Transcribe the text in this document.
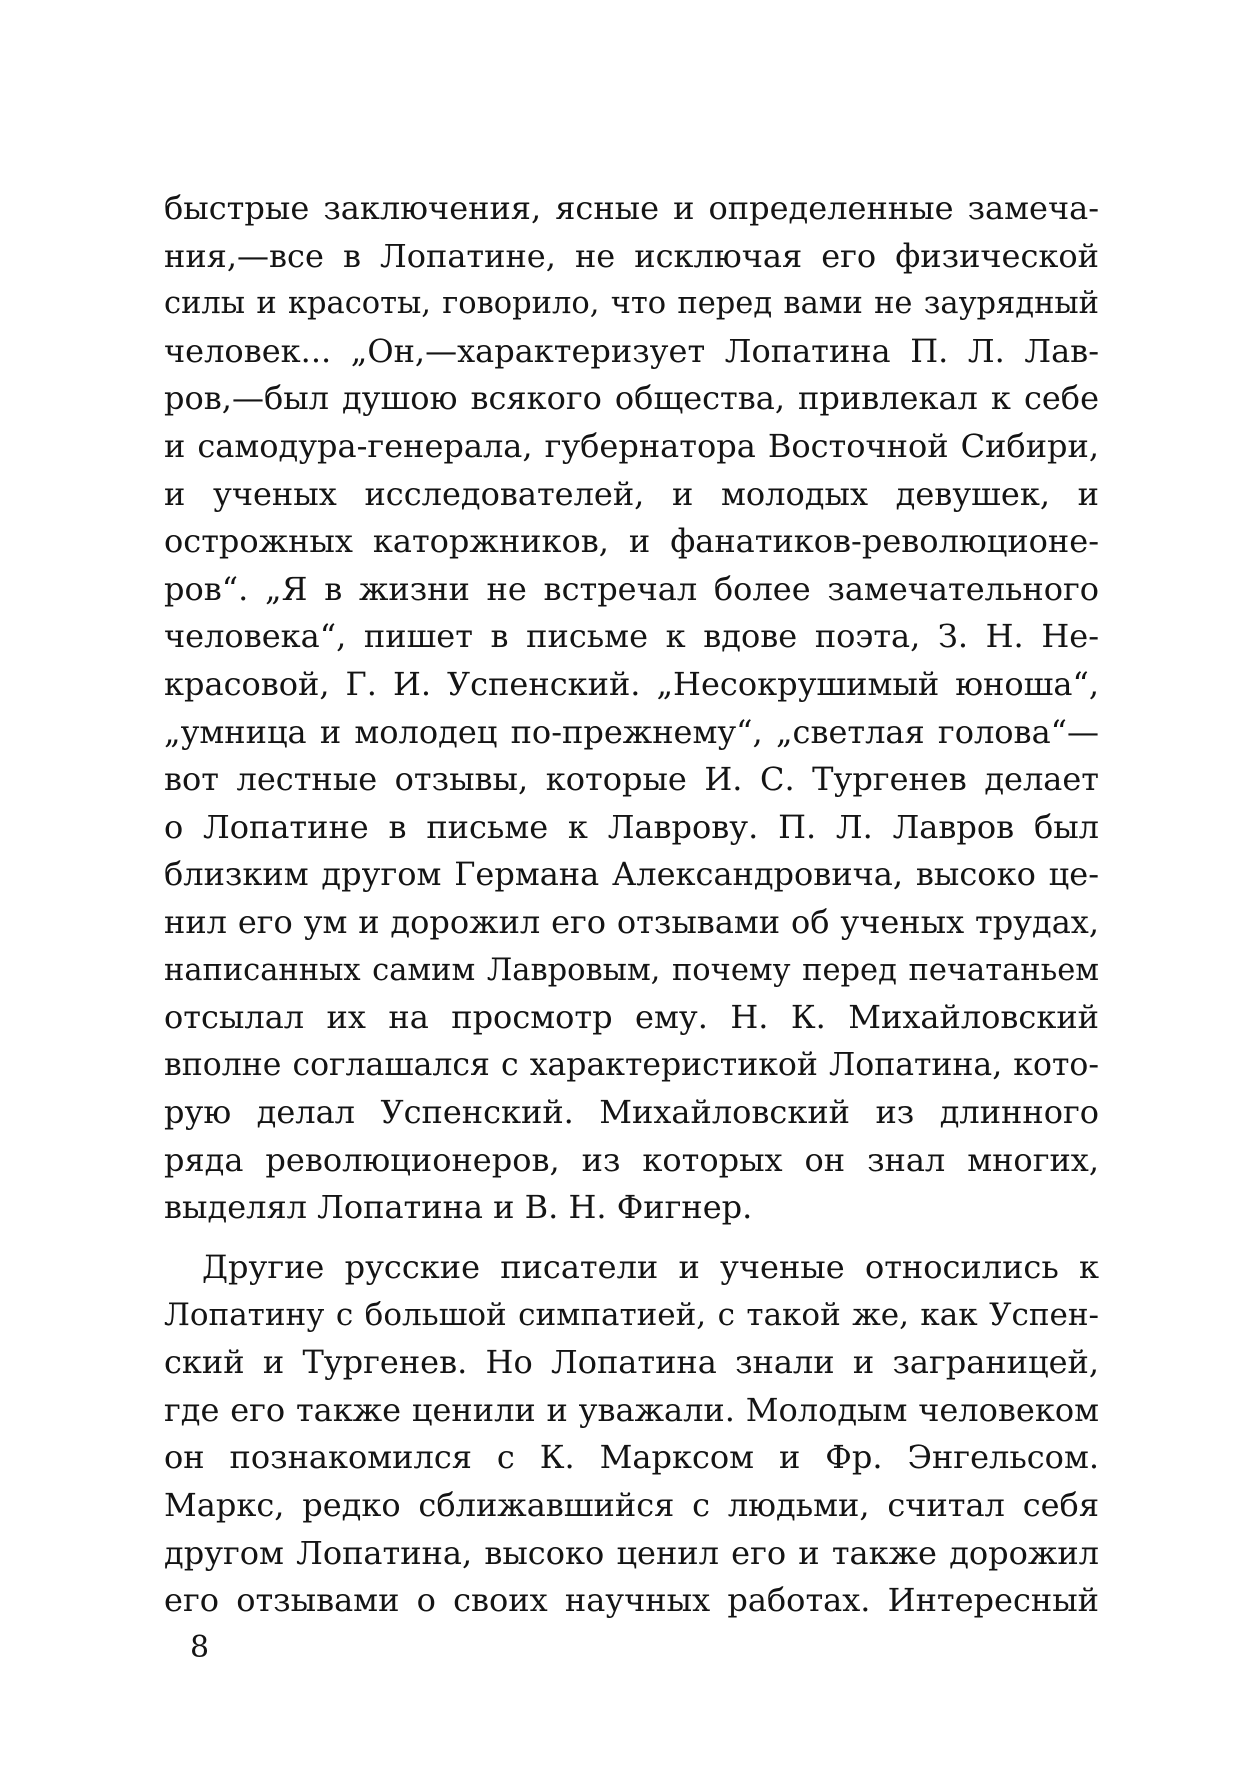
быстрые заключения, ясные и определенные замеча-
ния,—все в Лопатине, не исключая его физической
силы и красоты, говорило, что перед вами не заурядный
человек... „Он,—характеризует Лопатина П. Л. Лав-
ров,—был душою всякого общества, привлекал к себе
и самодура-генерала, губернатора Восточной Сибири,
и ученых исследователей, и молодых девушек, и
острожных каторжников, и фанатиков-революционе-
ров“. „Я в жизни не встречал более замечательного
человека“, пишет в письме к вдове поэта, З. Н. Не-
красовой, Г. И. Успенский. „Несокрушимый юноша“,
„умница и молодец по-прежнему“, „светлая голова“—
вот лестные отзывы, которые И. С. Тургенев делает
о Лопатине в письме к Лаврову. П. Л. Лавров был
близким другом Германа Александровича, высоко це-
нил его ум и дорожил его отзывами об ученых трудах,
написанных самим Лавровым, почему перед печатаньем
отсылал их на просмотр ему. Н. К. Михайловский
вполне соглашался с характеристикой Лопатина, кото-
рую делал Успенский. Михайловский из длинного
ряда революционеров, из которых он знал многих,
выделял Лопатина и В. Н. Фигнер.
Другие русские писатели и ученые относились к
Лопатину с большой симпатией, с такой же, как Успен-
ский и Тургенев. Но Лопатина знали и заграницей,
где его также ценили и уважали. Молодым человеком
он познакомился с К. Марксом и Фр. Энгельсом.
Маркс, редко сближавшийся с людьми, считал себя
другом Лопатина, высоко ценил его и также дорожил
его отзывами о своих научных работах. Интересный
8
